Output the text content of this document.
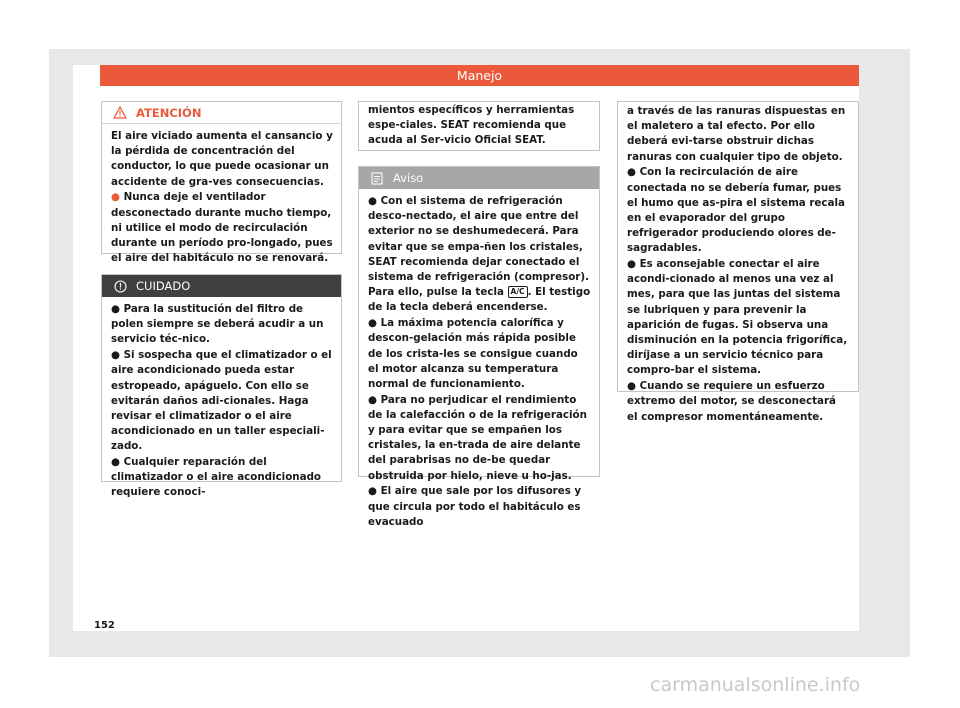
Manejo
ATENCIÓN

El aire viciado aumenta el cansancio y la pérdida de concentración del conductor, lo que puede ocasionar un accidente de gra-ves consecuencias.

● Nunca deje el ventilador desconectado durante mucho tiempo, ni utilice el modo de recirculación durante un período pro-longado, pues el aire del habitáculo no se renovará.

CUIDADO

● Para la sustitución del filtro de polen siempre se deberá acudir a un servicio téc-nico.

● Si sospecha que el climatizador o el aire acondicionado pueda estar estropeado, apáguelo. Con ello se evitarán daños adi-cionales. Haga revisar el climatizador o el aire acondicionado en un taller especiali-zado.

● Cualquier reparación del climatizador o el aire acondicionado requiere conoci-

mientos específicos y herramientas espe-ciales. SEAT recomienda que acuda al Ser-vicio Oficial SEAT.

Aviso

● Con el sistema de refrigeración desco-nectado, el aire que entre del exterior no se deshumedecerá. Para evitar que se empa-ñen los cristales, SEAT recomienda dejar conectado el sistema de refrigeración (compresor). Para ello, pulse la tecla A/C . El testigo de la tecla deberá encenderse.

● La máxima potencia calorífica y descon-gelación más rápida posible de los crista-les se consigue cuando el motor alcanza su temperatura normal de funcionamiento.

● Para no perjudicar el rendimiento de la calefacción o de la refrigeración y para evitar que se empañen los cristales, la en-trada de aire delante del parabrisas no de-be quedar obstruida por hielo, nieve u ho-jas.

● El aire que sale por los difusores y que circula por todo el habitáculo es evacuado

a través de las ranuras dispuestas en el maletero a tal efecto. Por ello deberá evi-tarse obstruir dichas ranuras con cualquier tipo de objeto.

● Con la recirculación de aire conectada no se debería fumar, pues el humo que as-pira el sistema recala en el evaporador del grupo refrigerador produciendo olores de-sagradables.

● Es aconsejable conectar el aire acondi-cionado al menos una vez al mes, para que las juntas del sistema se lubriquen y para prevenir la aparición de fugas. Si observa una disminución en la potencia frigorífica, diríjase a un servicio técnico para compro-bar el sistema.

● Cuando se requiere un esfuerzo extremo del motor, se desconectará el compresor momentáneamente.

152
carmanualsonline.info
